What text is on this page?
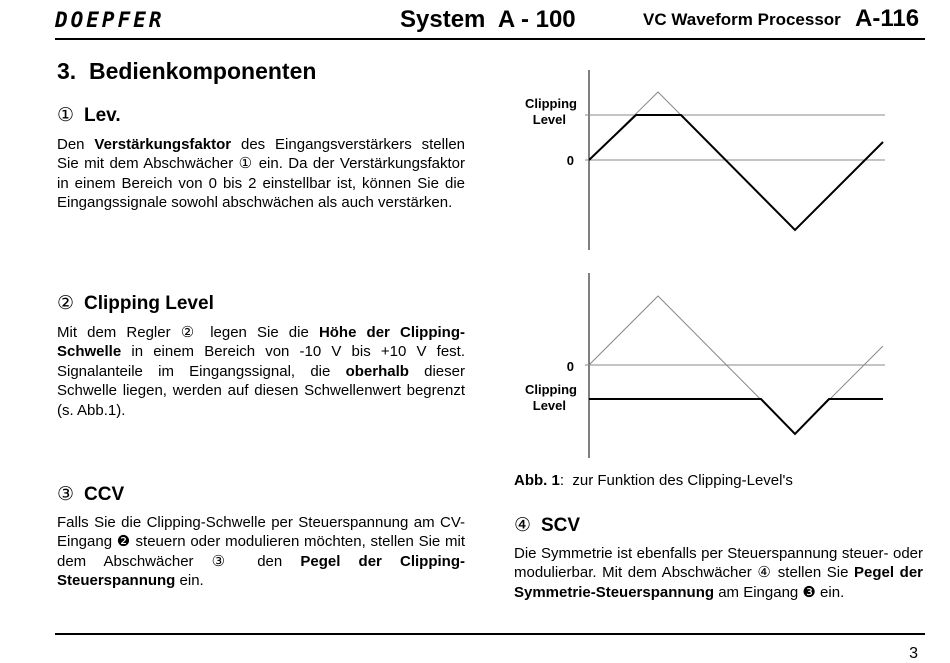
DOEPFER	System  A - 100	VC Waveform Processor A-116
3.  Bedienkomponenten
① Lev.
Den Verstärkungsfaktor des Eingangsverstärkers stellen Sie mit dem Abschwächer ① ein. Da der Verstärkungsfaktor in einem Bereich von 0 bis 2 einstellbar ist, können Sie die Eingangssignale sowohl abschwächen als auch verstärken.
② Clipping Level
Mit dem Regler ② legen Sie die Höhe der Clipping-Schwelle in einem Bereich von -10 V bis +10 V fest. Signalanteile im Eingangssignal, die oberhalb dieser Schwelle liegen, werden auf diesen Schwellenwert begrenzt (s. Abb.1).
③ CCV
Falls Sie die Clipping-Schwelle per Steuerspannung am CV-Eingang ❷ steuern oder modulieren möchten, stellen Sie mit dem Abschwächer ③ den Pegel der Clipping-Steuerspannung ein.
Clipping
Level
0
0
Clipping
Level
Abb. 1:  zur Funktion des Clipping-Level's
④ SCV
Die Symmetrie ist ebenfalls per Steuerspannung steuer- oder modulierbar. Mit dem Abschwächer ④ stellen Sie Pegel der Symmetrie-Steuerspannung am Eingang ❸ ein.
3
